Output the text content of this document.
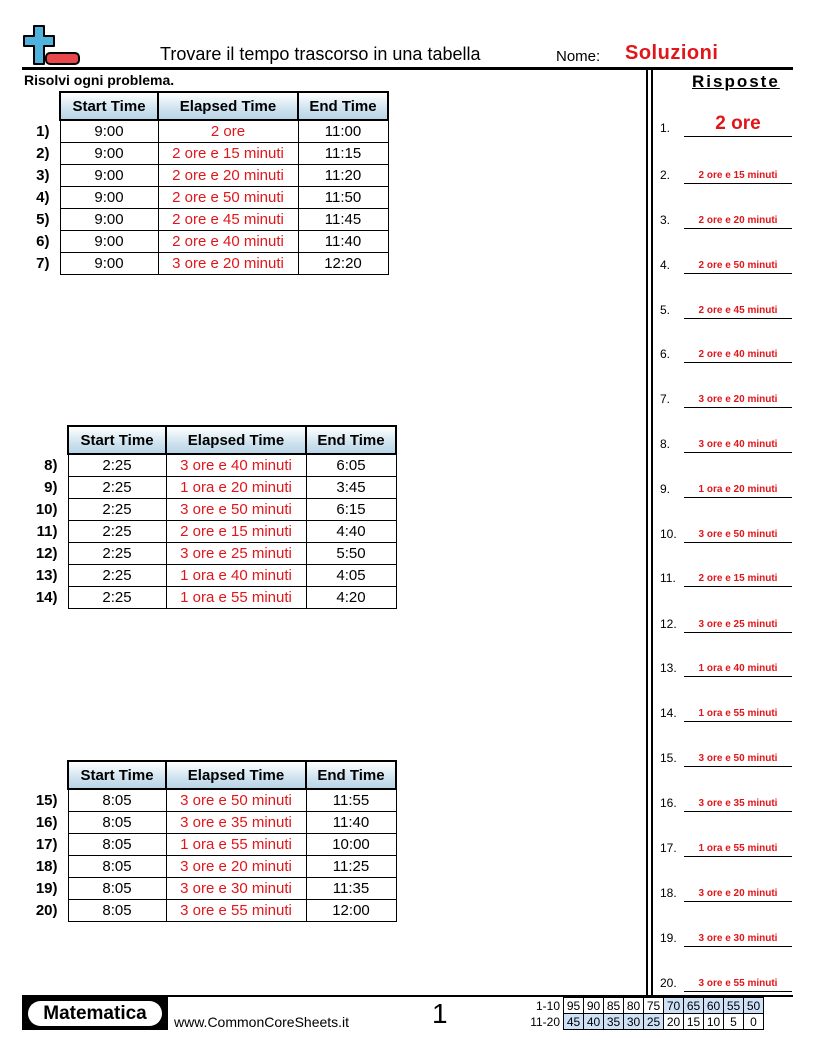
Trovare il tempo trascorso in una tabella	Nome: Soluzioni
Risolvi ogni problema.	Risposte
	Start Time	Elapsed Time	End Time
1)	9:00	2 ore	11:00
2)	9:00	2 ore e 15 minuti	11:15
3)	9:00	2 ore e 20 minuti	11:20
4)	9:00	2 ore e 50 minuti	11:50
5)	9:00	2 ore e 45 minuti	11:45
6)	9:00	2 ore e 40 minuti	11:40
7)	9:00	3 ore e 20 minuti	12:20
	Start Time	Elapsed Time	End Time
8)	2:25	3 ore e 40 minuti	6:05
9)	2:25	1 ora e 20 minuti	3:45
10)	2:25	3 ore e 50 minuti	6:15
11)	2:25	2 ore e 15 minuti	4:40
12)	2:25	3 ore e 25 minuti	5:50
13)	2:25	1 ora e 40 minuti	4:05
14)	2:25	1 ora e 55 minuti	4:20
	Start Time	Elapsed Time	End Time
15)	8:05	3 ore e 50 minuti	11:55
16)	8:05	3 ore e 35 minuti	11:40
17)	8:05	1 ora e 55 minuti	10:00
18)	8:05	3 ore e 20 minuti	11:25
19)	8:05	3 ore e 30 minuti	11:35
20)	8:05	3 ore e 55 minuti	12:00
1.	2 ore
2.	2 ore e 15 minuti
3.	2 ore e 20 minuti
4.	2 ore e 50 minuti
5.	2 ore e 45 minuti
6.	2 ore e 40 minuti
7.	3 ore e 20 minuti
8.	3 ore e 40 minuti
9.	1 ora e 20 minuti
10.	3 ore e 50 minuti
11.	2 ore e 15 minuti
12.	3 ore e 25 minuti
13.	1 ora e 40 minuti
14.	1 ora e 55 minuti
15.	3 ore e 50 minuti
16.	3 ore e 35 minuti
17.	1 ora e 55 minuti
18.	3 ore e 20 minuti
19.	3 ore e 30 minuti
20.	3 ore e 55 minuti
Matematica	www.CommonCoreSheets.it	1	1-10	95	90	85	80	75	70	65	60	55	50
11-20	45	40	35	30	25	20	15	10	5	0
